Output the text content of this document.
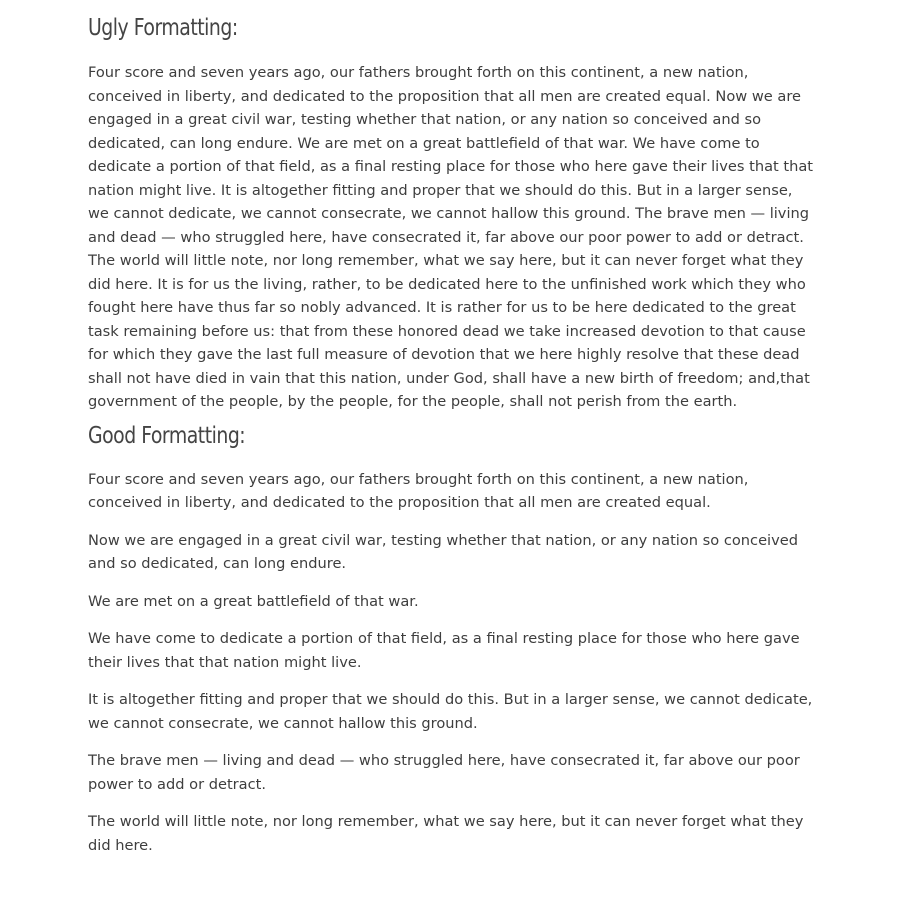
Ugly Formatting:

Four score and seven years ago, our fathers brought forth on this continent, a new nation, conceived in liberty, and dedicated to the proposition that all men are created equal. Now we are engaged in a great civil war, testing whether that nation, or any nation so conceived and so dedicated, can long endure. We are met on a great battlefield of that war. We have come to dedicate a portion of that field, as a final resting place for those who here gave their lives that that nation might live. It is altogether fitting and proper that we should do this. But in a larger sense, we cannot dedicate, we cannot consecrate, we cannot hallow this ground. The brave men — living and dead — who struggled here, have consecrated it, far above our poor power to add or detract. The world will little note, nor long remember, what we say here, but it can never forget what they did here. It is for us the living, rather, to be dedicated here to the unfinished work which they who fought here have thus far so nobly advanced. It is rather for us to be here dedicated to the great task remaining before us: that from these honored dead we take increased devotion to that cause for which they gave the last full measure of devotion that we here highly resolve that these dead shall not have died in vain that this nation, under God, shall have a new birth of freedom; and,that government of the people, by the people, for the people, shall not perish from the earth.

Good Formatting:

Four score and seven years ago, our fathers brought forth on this continent, a new nation, conceived in liberty, and dedicated to the proposition that all men are created equal.

Now we are engaged in a great civil war, testing whether that nation, or any nation so conceived and so dedicated, can long endure.

We are met on a great battlefield of that war.

We have come to dedicate a portion of that field, as a final resting place for those who here gave their lives that that nation might live.

It is altogether fitting and proper that we should do this. But in a larger sense, we cannot dedicate, we cannot consecrate, we cannot hallow this ground.

The brave men — living and dead — who struggled here, have consecrated it, far above our poor power to add or detract.

The world will little note, nor long remember, what we say here, but it can never forget what they did here.
